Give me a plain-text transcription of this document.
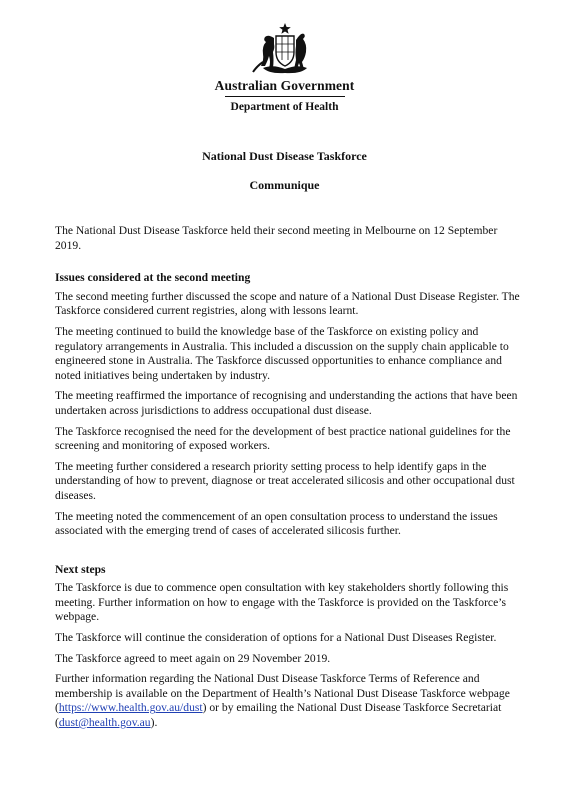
Australian Government
Department of Health
National Dust Disease Taskforce
Communique

The National Dust Disease Taskforce held their second meeting in Melbourne on 12 September 2019.

Issues considered at the second meeting

The second meeting further discussed the scope and nature of a National Dust Disease Register. The Taskforce considered current registries, along with lessons learnt.

The meeting continued to build the knowledge base of the Taskforce on existing policy and regulatory arrangements in Australia. This included a discussion on the supply chain applicable to engineered stone in Australia. The Taskforce discussed opportunities to enhance compliance and noted initiatives being undertaken by industry.

The meeting reaffirmed the importance of recognising and understanding the actions that have been undertaken across jurisdictions to address occupational dust disease.

The Taskforce recognised the need for the development of best practice national guidelines for the screening and monitoring of exposed workers.

The meeting further considered a research priority setting process to help identify gaps in the understanding of how to prevent, diagnose or treat accelerated silicosis and other occupational dust diseases.

The meeting noted the commencement of an open consultation process to understand the issues associated with the emerging trend of cases of accelerated silicosis further.

Next steps

The Taskforce is due to commence open consultation with key stakeholders shortly following this meeting. Further information on how to engage with the Taskforce is provided on the Taskforce’s webpage.

The Taskforce will continue the consideration of options for a National Dust Diseases Register.

The Taskforce agreed to meet again on 29 November 2019.

Further information regarding the National Dust Disease Taskforce Terms of Reference and membership is available on the Department of Health’s National Dust Disease Taskforce webpage (https://www.health.gov.au/dust) or by emailing the National Dust Disease Taskforce Secretariat (dust@health.gov.au).
